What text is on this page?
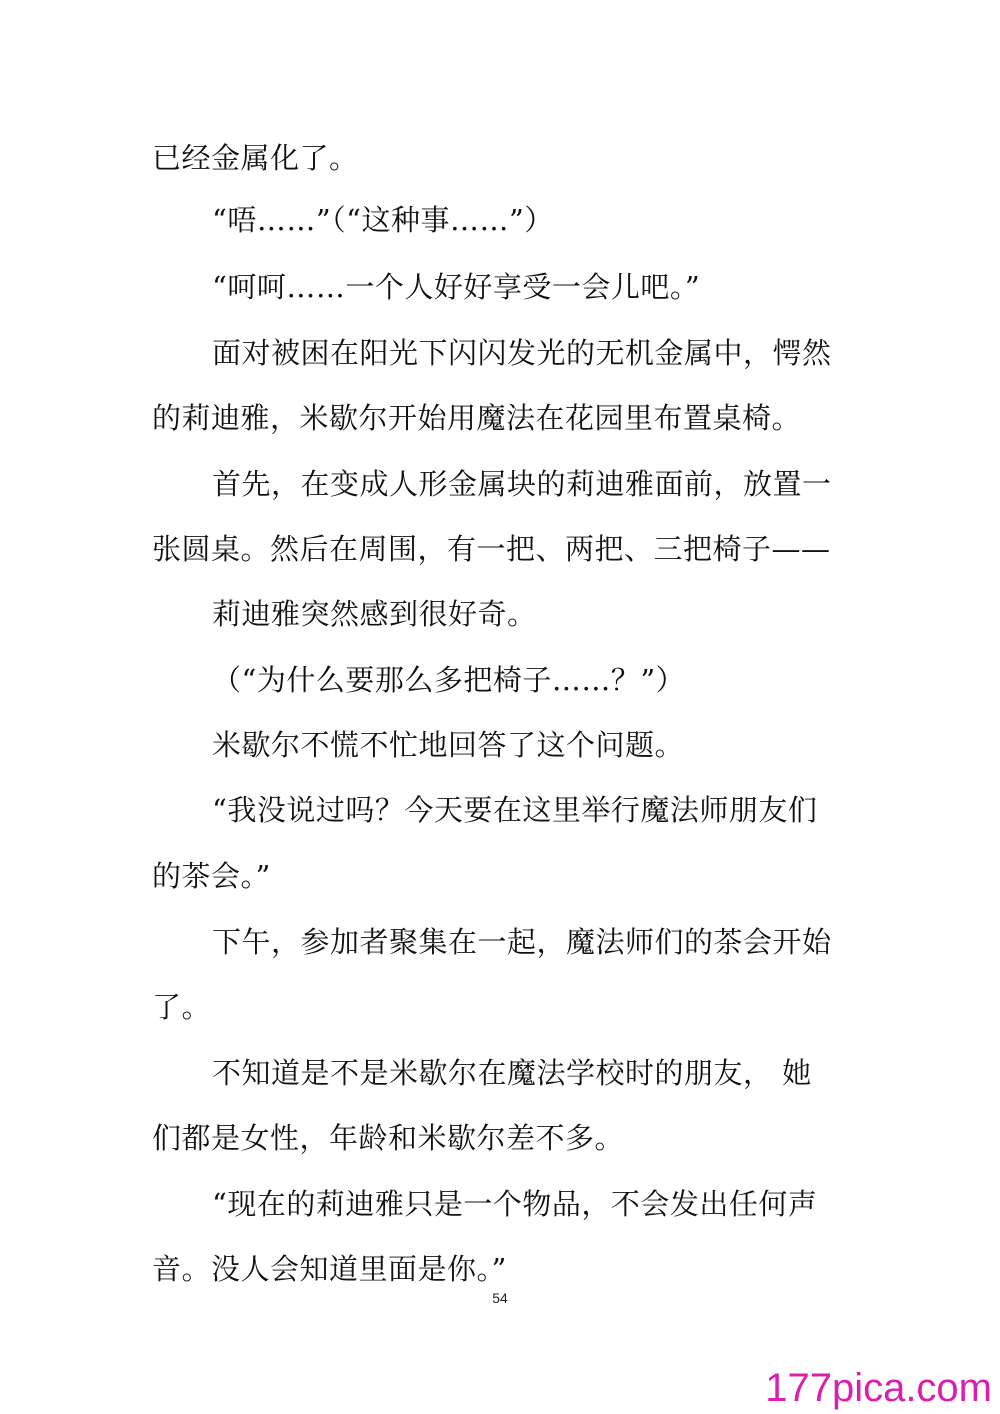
已经金属化了。
“唔……”（“这种事……”）
“呵呵……一个人好好享受一会儿吧。”
面对被困在阳光下闪闪发光的无机金属中，愕然
的莉迪雅，米歇尔开始用魔法在花园里布置桌椅。
首先，在变成人形金属块的莉迪雅面前，放置一
张圆桌。然后在周围，有一把、两把、三把椅子——
莉迪雅突然感到很好奇。
（“为什么要那么多把椅子……？”）
米歇尔不慌不忙地回答了这个问题。
“我没说过吗？今天要在这里举行魔法师朋友们
的茶会。”
下午，参加者聚集在一起，魔法师们的茶会开始
了。
不知道是不是米歇尔在魔法学校时的朋友， 她
们都是女性，年龄和米歇尔差不多。
“现在的莉迪雅只是一个物品，不会发出任何声
音。没人会知道里面是你。”
54
177pica.com
